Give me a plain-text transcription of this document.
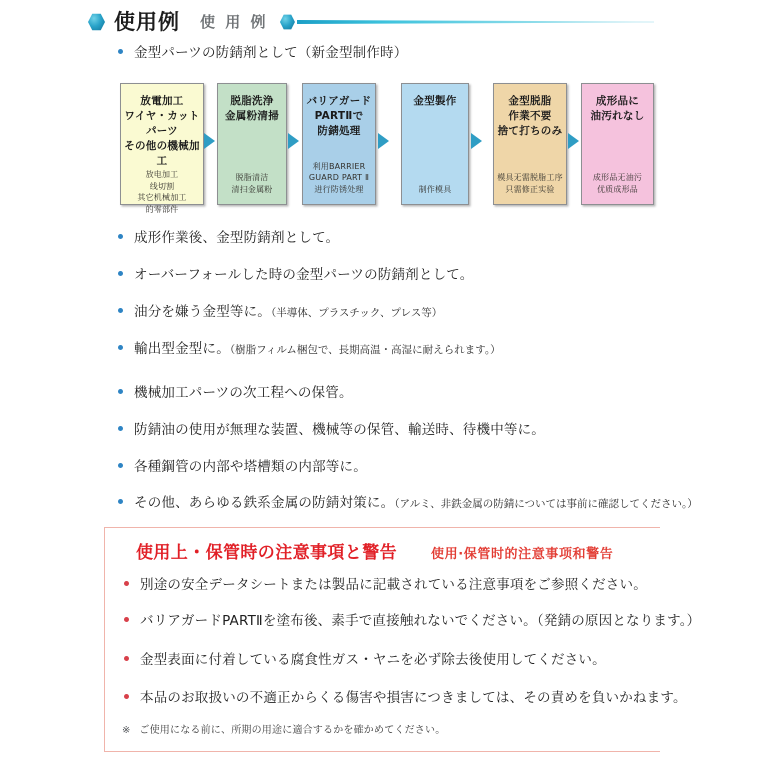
使用例 使 用 例
金型パーツの防錆剤として（新金型制作時）
放電加工
ワイヤ・カット
パーツ
その他の機械加工
放电加工
线切割
其它机械加工
的零部件
脱脂洗浄
金属粉清掃
脱脂清洁
清扫金属粉
バリアガード
PARTⅡで
防錆処理
利用BARRIER
GUARD PART Ⅱ
进行防锈处理
金型製作
制作模具
金型脱脂
作業不要
捨て打ちのみ
模具无需脱脂工序
只需修正实验
成形品に
油汚れなし
成形品无油污
优质成形品
成形作業後、金型防錆剤として。
オーバーフォールした時の金型パーツの防錆剤として。
油分を嫌う金型等に。（半導体、プラスチック、プレス等）
輸出型金型に。（樹脂フィルム梱包で、長期高温・高湿に耐えられます。）
機械加工パーツの次工程への保管。
防錆油の使用が無理な装置、機械等の保管、輸送時、待機中等に。
各種鋼管の内部や塔槽類の内部等に。
その他、あらゆる鉄系金属の防錆対策に。（アルミ、非鉄金属の防錆については事前に確認してください。）
使用上・保管時の注意事項と警告	使用·保管时的注意事项和警告
別途の安全データシートまたは製品に記載されている注意事項をご参照ください。
バリアガードPARTⅡを塗布後、素手で直接触れないでください。（発錆の原因となります。）
金型表面に付着している腐食性ガス・ヤニを必ず除去後使用してください。
本品のお取扱いの不適正からくる傷害や損害につきましては、その責めを負いかねます。
※ ご使用になる前に、所期の用途に適合するかを確かめてください。
